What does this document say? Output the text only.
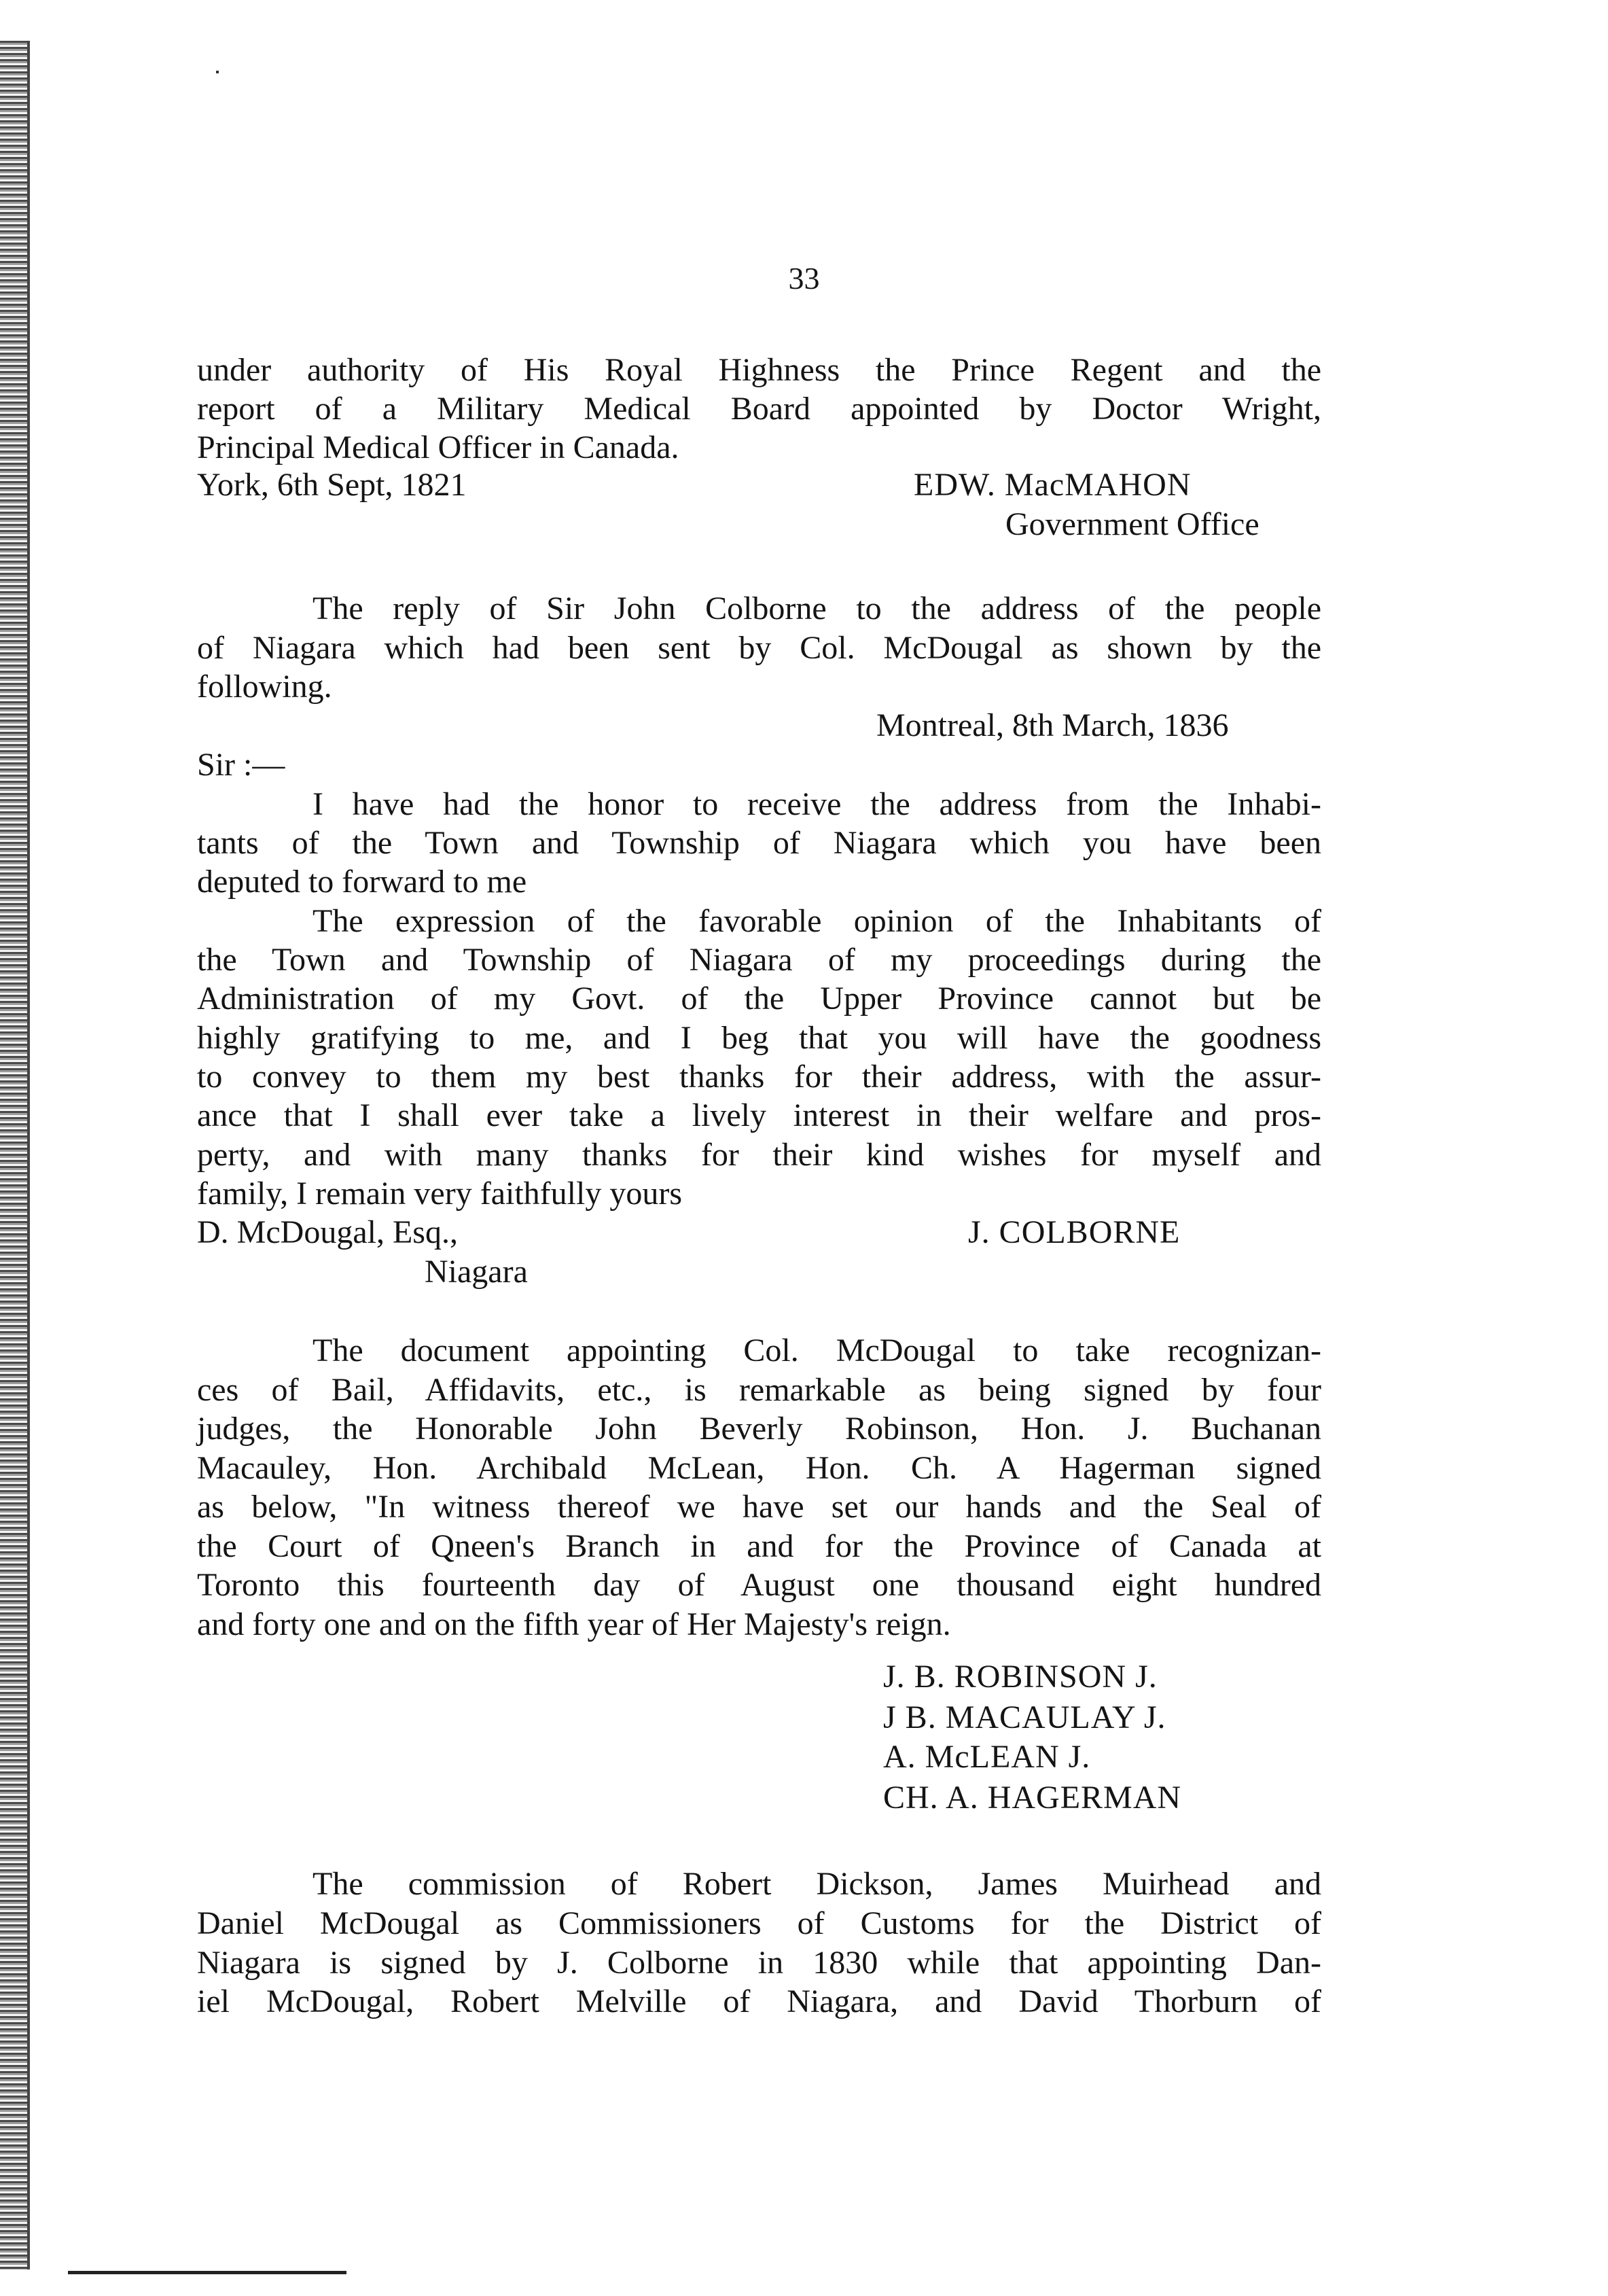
33
under authority of His Royal Highness the Prince Regent and the
report of a Military Medical Board appointed by Doctor Wright,
Principal Medical Officer in Canada.
York, 6th Sept, 1821	EDW. MacMAHON
Government Office
The reply of Sir John Colborne to the address of the people
of Niagara which had been sent by Col. McDougal as shown by the
following.
Montreal, 8th March, 1836
Sir :—
I have had the honor to receive the address from the Inhabi-
tants of the Town and Township of Niagara which you have been
deputed to forward to me
The expression of the favorable opinion of the Inhabitants of
the Town and Township of Niagara of my proceedings during the
Administration of my Govt. of the Upper Province cannot but be
highly gratifying to me, and I beg that you will have the goodness
to convey to them my best thanks for their address, with the assur-
ance that I shall ever take a lively interest in their welfare and pros-
perty, and with many thanks for their kind wishes for myself and
family, I remain very faithfully yours
D. McDougal, Esq.,	J. COLBORNE
Niagara
The document appointing Col. McDougal to take recognizan-
ces of Bail, Affidavits, etc., is remarkable as being signed by four
judges, the Honorable John Beverly Robinson, Hon. J. Buchanan
Macauley, Hon. Archibald McLean, Hon. Ch. A Hagerman signed
as below, "In witness thereof we have set our hands and the Seal of
the Court of Qneen's Branch in and for the Province of Canada at
Toronto this fourteenth day of August one thousand eight hundred
and forty one and on the fifth year of Her Majesty's reign.
J. B. ROBINSON J.
J B. MACAULAY J.
A. McLEAN J.
CH. A. HAGERMAN
The commission of Robert Dickson, James Muirhead and
Daniel McDougal as Commissioners of Customs for the District of
Niagara is signed by J. Colborne in 1830 while that appointing Dan-
iel McDougal, Robert Melville of Niagara, and David Thorburn of
